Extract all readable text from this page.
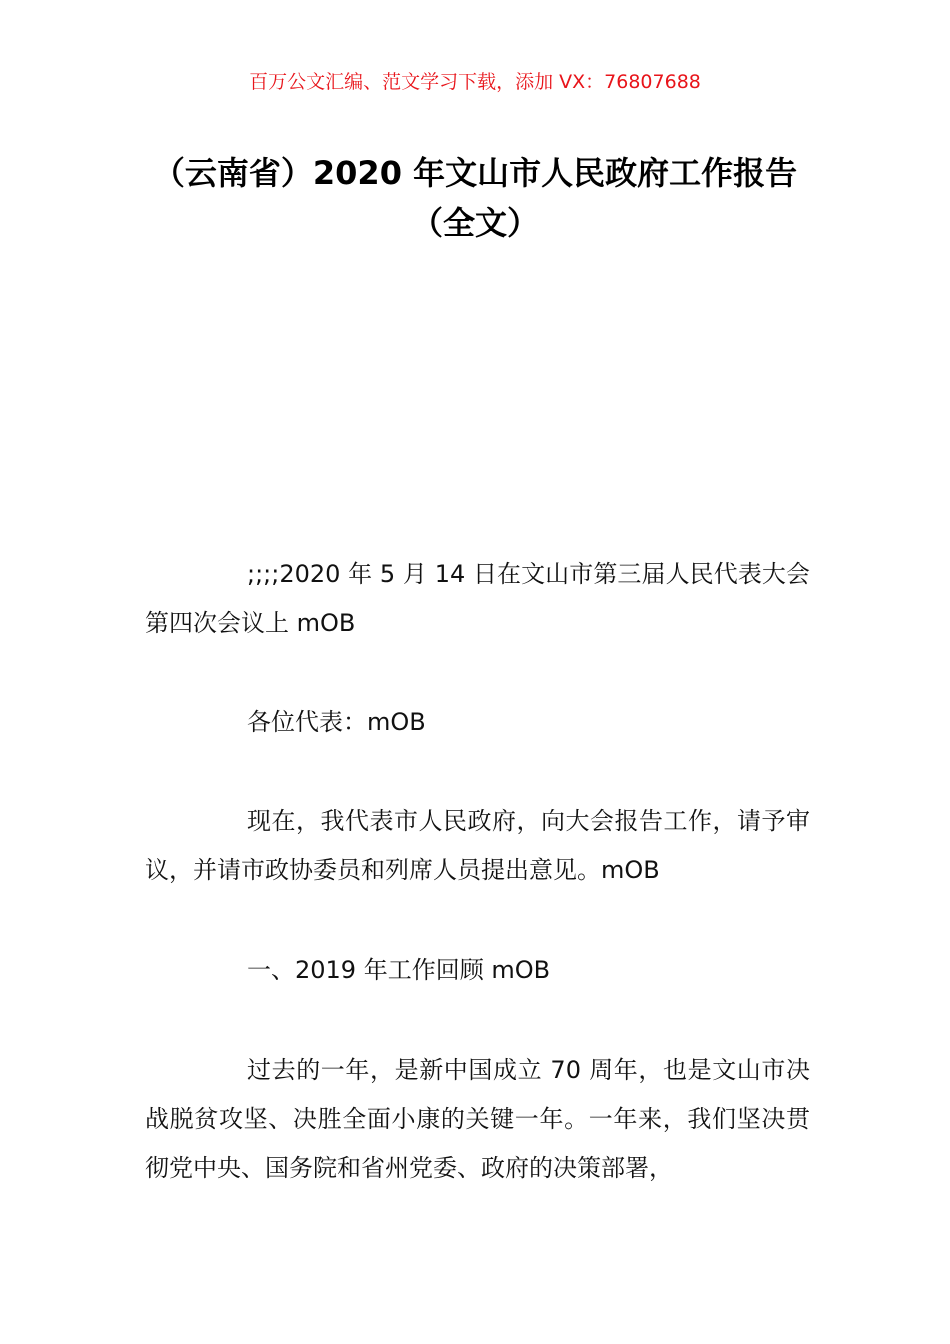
百万公文汇编、范文学习下载，添加 VX：76807688
（云南省）2020 年文山市人民政府工作报告（全文）

;;;;2020 年 5 月 14 日在文山市第三届人民代表大会第四次会议上 mOB

各位代表：mOB

现在，我代表市人民政府，向大会报告工作，请予审议，并请市政协委员和列席人员提出意见。mOB

一、2019 年工作回顾 mOB

过去的一年，是新中国成立 70 周年，也是文山市决战脱贫攻坚、决胜全面小康的关键一年。一年来，我们坚决贯彻党中央、国务院和省州党委、政府的决策部署，
